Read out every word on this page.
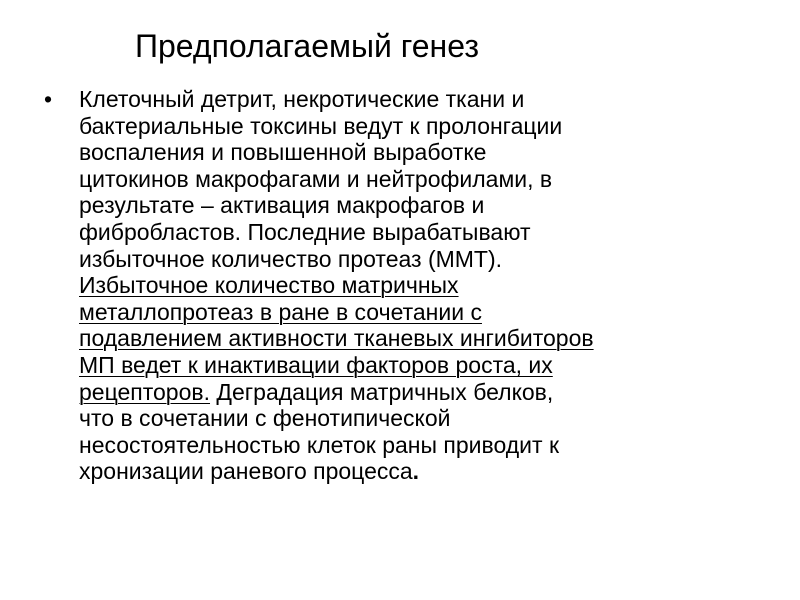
Предполагаемый генез
• Клеточный детрит, некротические ткани и
бактериальные токсины ведут к пролонгации
воспаления и повышенной выработке
цитокинов макрофагами и нейтрофилами, в
результате – активация макрофагов и
фибробластов. Последние вырабатывают
избыточное количество протеаз (ММТ).
Избыточное количество матричных
металлопротеаз в ране в сочетании с
подавлением активности тканевых ингибиторов
МП ведет к инактивации факторов роста, их
рецепторов. Деградация матричных белков,
что в сочетании с фенотипической
несостоятельностью клеток раны приводит к
хронизации раневого процесса.
